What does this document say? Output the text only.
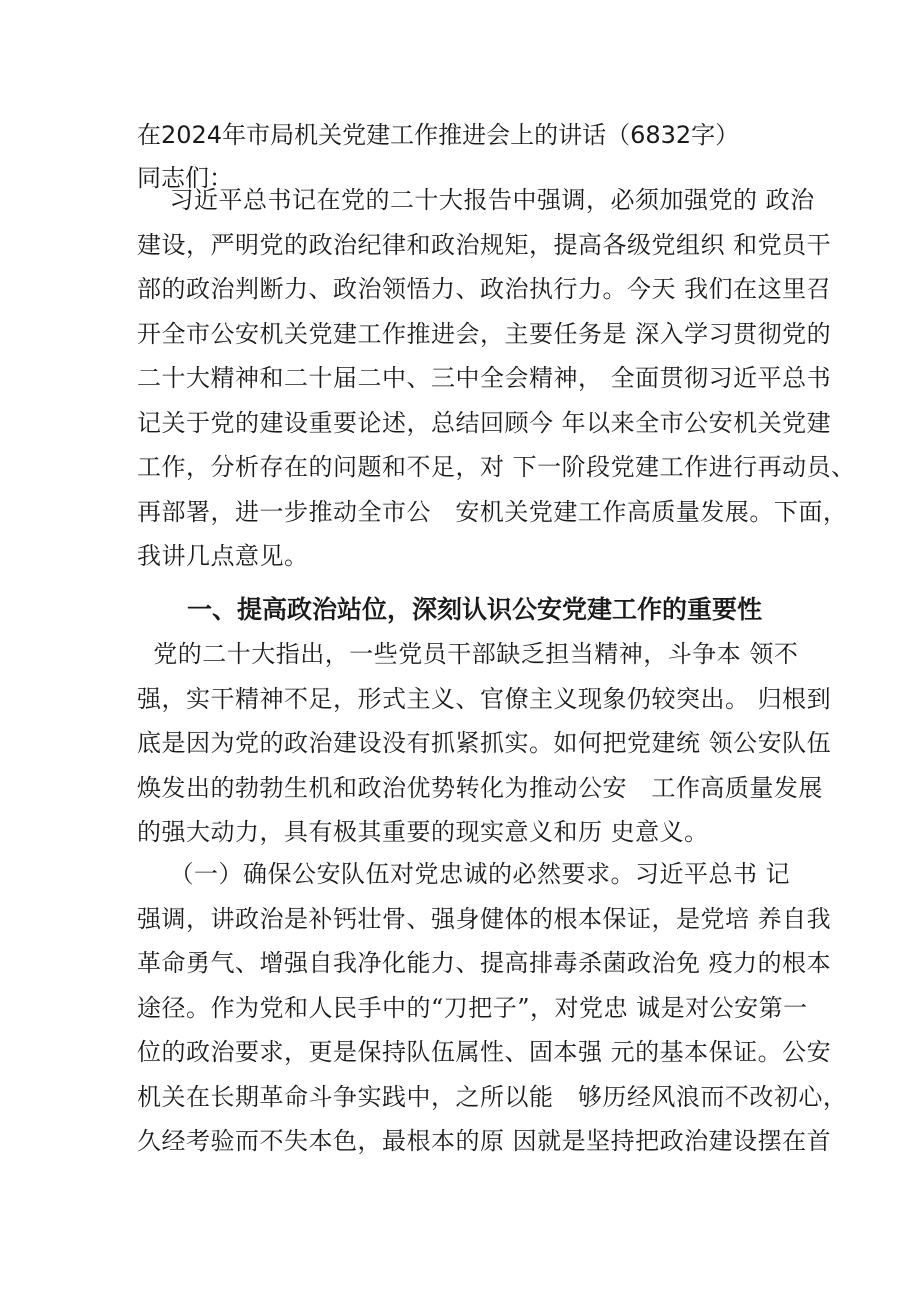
在2024年市局机关党建工作推进会上的讲话（6832字）
同志们：
习近平总书记在党的二十大报告中强调，必须加强党的 政治
建设，严明党的政治纪律和政治规矩，提高各级党组织 和党员干
部的政治判断力、政治领悟力、政治执行力。今天 我们在这里召
开全市公安机关党建工作推进会，主要任务是 深入学习贯彻党的
二十大精神和二十届二中、三中全会精神， 全面贯彻习近平总书
记关于党的建设重要论述，总结回顾今 年以来全市公安机关党建
工作，分析存在的问题和不足，对 下一阶段党建工作进行再动员、
再部署，进一步推动全市公   安机关党建工作高质量发展。下面，
我讲几点意见。
一、提高政治站位，深刻认识公安党建工作的重要性
党的二十大指出，一些党员干部缺乏担当精神，斗争本 领不
强，实干精神不足，形式主义、官僚主义现象仍较突出。 归根到
底是因为党的政治建设没有抓紧抓实。如何把党建统 领公安队伍
焕发出的勃勃生机和政治优势转化为推动公安   工作高质量发展
的强大动力，具有极其重要的现实意义和历 史意义。
（一）确保公安队伍对党忠诚的必然要求。习近平总书 记
强调，讲政治是补钙壮骨、强身健体的根本保证，是党培 养自我
革命勇气、增强自我净化能力、提高排毒杀菌政治免 疫力的根本
途径。作为党和人民手中的“刀把子”，对党忠 诚是对公安第一
位的政治要求，更是保持队伍属性、固本强 元的基本保证。公安
机关在长期革命斗争实践中，之所以能   够历经风浪而不改初心，
久经考验而不失本色，最根本的原 因就是坚持把政治建设摆在首
